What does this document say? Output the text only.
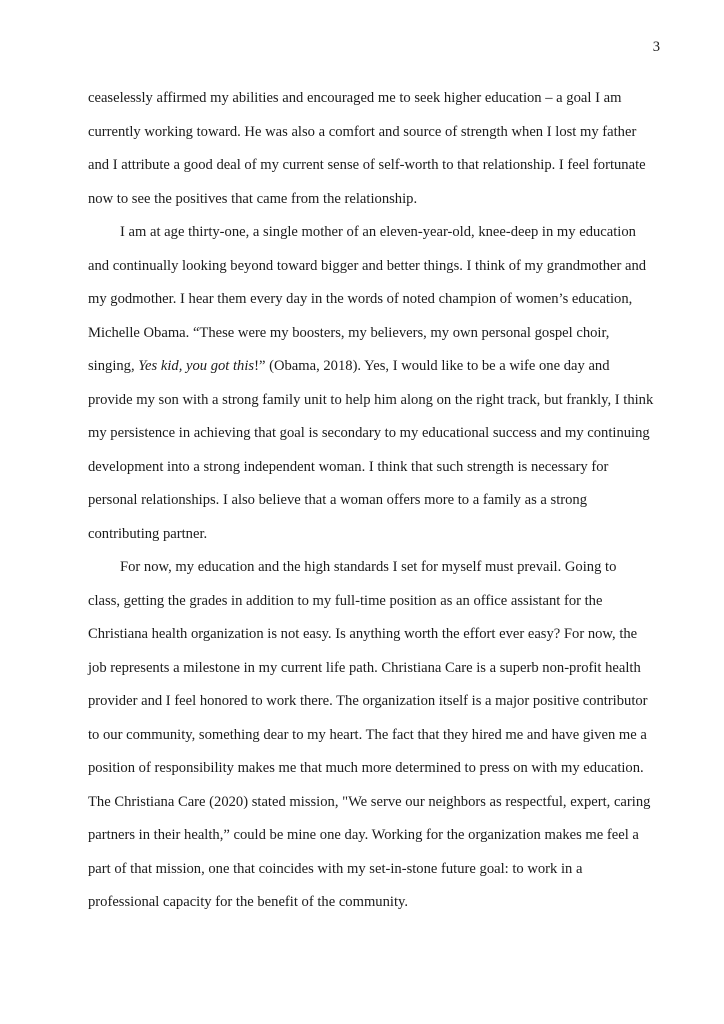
3
ceaselessly affirmed my abilities and encouraged me to seek higher education – a goal I am
currently working toward. He was also a comfort and source of strength when I lost my father
and I attribute a good deal of my current sense of self-worth to that relationship. I feel fortunate
now to see the positives that came from the relationship.
I am at age thirty-one, a single mother of an eleven-year-old, knee-deep in my education
and continually looking beyond toward bigger and better things. I think of my grandmother and
my godmother. I hear them every day in the words of noted champion of women’s education,
Michelle Obama. “These were my boosters, my believers, my own personal gospel choir,
singing, Yes kid, you got this!” (Obama, 2018). Yes, I would like to be a wife one day and
provide my son with a strong family unit to help him along on the right track, but frankly, I think
my persistence in achieving that goal is secondary to my educational success and my continuing
development into a strong independent woman. I think that such strength is necessary for
personal relationships. I also believe that a woman offers more to a family as a strong
contributing partner.
For now, my education and the high standards I set for myself must prevail. Going to
class, getting the grades in addition to my full-time position as an office assistant for the
Christiana health organization is not easy. Is anything worth the effort ever easy? For now, the
job represents a milestone in my current life path. Christiana Care is a superb non-profit health
provider and I feel honored to work there. The organization itself is a major positive contributor
to our community, something dear to my heart. The fact that they hired me and have given me a
position of responsibility makes me that much more determined to press on with my education.
The Christiana Care (2020) stated mission, "We serve our neighbors as respectful, expert, caring
partners in their health,” could be mine one day. Working for the organization makes me feel a
part of that mission, one that coincides with my set-in-stone future goal: to work in a
professional capacity for the benefit of the community.
